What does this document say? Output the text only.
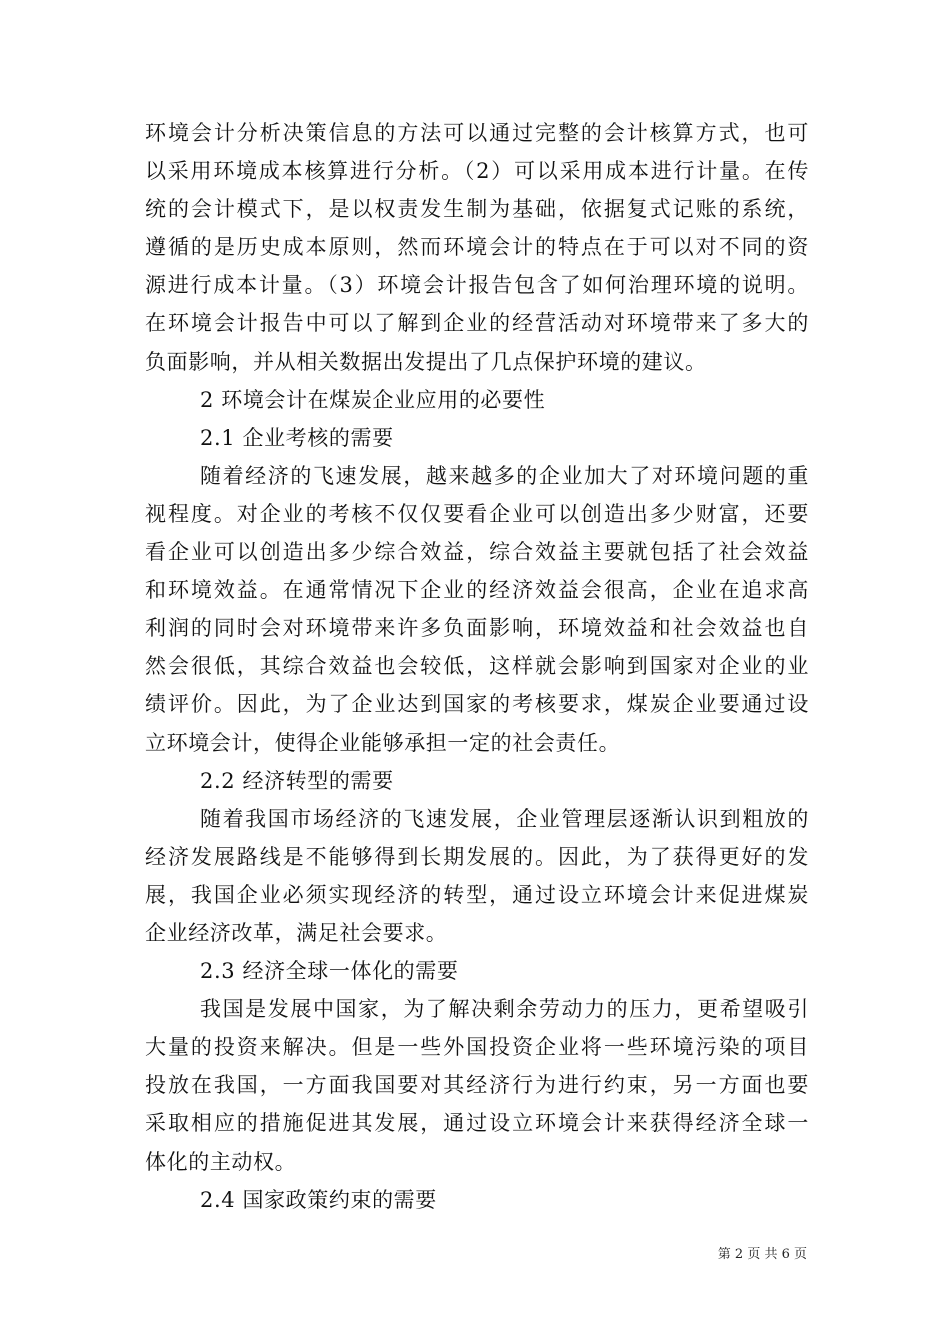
环境会计分析决策信息的方法可以通过完整的会计核算方式，也可
以采用环境成本核算进行分析。（2）可以采用成本进行计量。在传
统的会计模式下，是以权责发生制为基础，依据复式记账的系统，
遵循的是历史成本原则，然而环境会计的特点在于可以对不同的资
源进行成本计量。（3）环境会计报告包含了如何治理环境的说明。
在环境会计报告中可以了解到企业的经营活动对环境带来了多大的
负面影响，并从相关数据出发提出了几点保护环境的建议。
2 环境会计在煤炭企业应用的必要性
2.1 企业考核的需要
随着经济的飞速发展，越来越多的企业加大了对环境问题的重
视程度。对企业的考核不仅仅要看企业可以创造出多少财富，还要
看企业可以创造出多少综合效益，综合效益主要就包括了社会效益
和环境效益。在通常情况下企业的经济效益会很高，企业在追求高
利润的同时会对环境带来许多负面影响，环境效益和社会效益也自
然会很低，其综合效益也会较低，这样就会影响到国家对企业的业
绩评价。因此，为了企业达到国家的考核要求，煤炭企业要通过设
立环境会计，使得企业能够承担一定的社会责任。
2.2 经济转型的需要
随着我国市场经济的飞速发展，企业管理层逐渐认识到粗放的
经济发展路线是不能够得到长期发展的。因此，为了获得更好的发
展，我国企业必须实现经济的转型，通过设立环境会计来促进煤炭
企业经济改革，满足社会要求。
2.3 经济全球一体化的需要
我国是发展中国家，为了解决剩余劳动力的压力，更希望吸引
大量的投资来解决。但是一些外国投资企业将一些环境污染的项目
投放在我国，一方面我国要对其经济行为进行约束，另一方面也要
采取相应的措施促进其发展，通过设立环境会计来获得经济全球一
体化的主动权。
2.4 国家政策约束的需要
第 2 页 共 6 页
